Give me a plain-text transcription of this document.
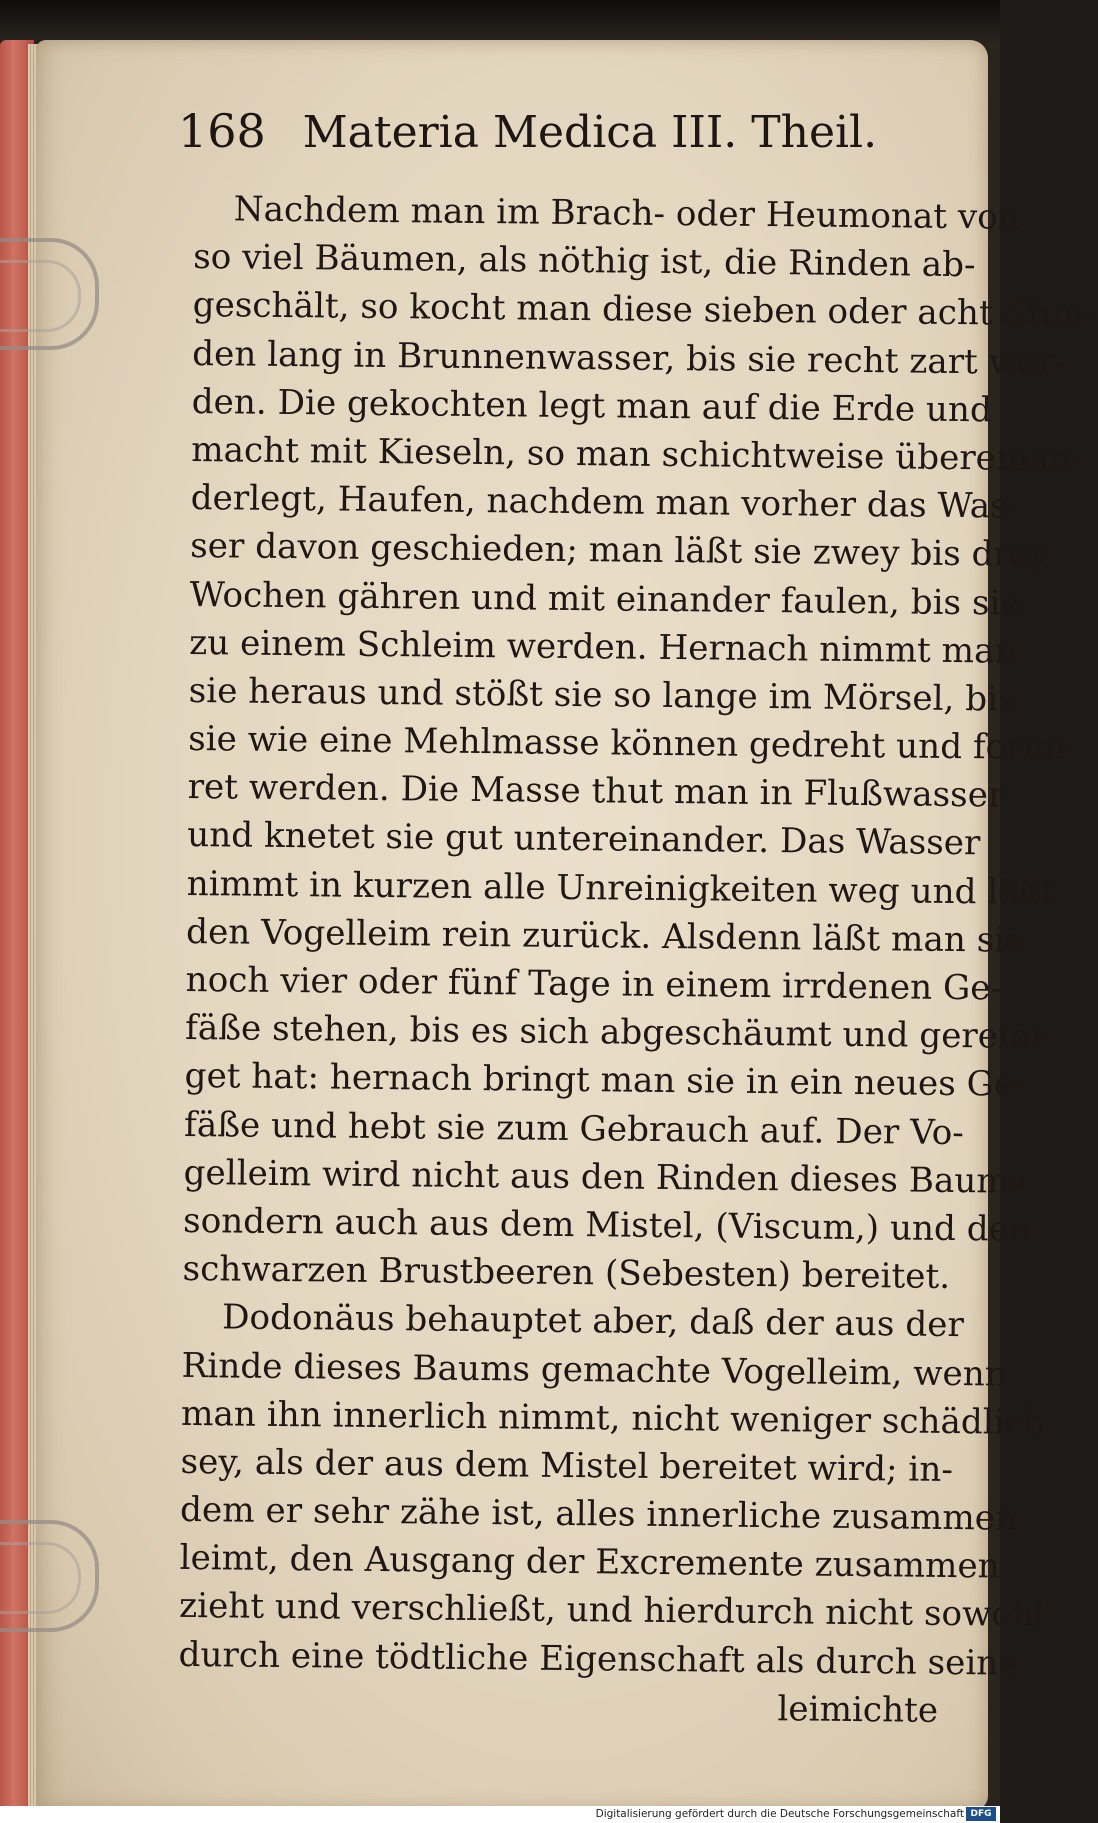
168 Materia Medica III. Theil.
Nachdem man im Brach- oder Heumonat von
so viel Bäumen, als nöthig ist, die Rinden ab-
geschält, so kocht man diese sieben oder acht Stun-
den lang in Brunnenwasser, bis sie recht zart wer-
den. Die gekochten legt man auf die Erde und
macht mit Kieseln, so man schichtweise übereinan-
derlegt, Haufen, nachdem man vorher das Was-
ser davon geschieden; man läßt sie zwey bis drey
Wochen gähren und mit einander faulen, bis sie
zu einem Schleim werden. Hernach nimmt man
sie heraus und stößt sie so lange im Mörsel, bis
sie wie eine Mehlmasse können gedreht und formi-
ret werden. Die Masse thut man in Flußwasser
und knetet sie gut untereinander. Das Wasser
nimmt in kurzen alle Unreinigkeiten weg und läßt
den Vogelleim rein zurück. Alsdenn läßt man sie
noch vier oder fünf Tage in einem irrdenen Ge-
fäße stehen, bis es sich abgeschäumt und gereini-
get hat: hernach bringt man sie in ein neues Ge-
fäße und hebt sie zum Gebrauch auf. Der Vo-
gelleim wird nicht aus den Rinden dieses Baums
sondern auch aus dem Mistel, (Viscum,) und den
schwarzen Brustbeeren (Sebesten) bereitet.
Dodonäus behauptet aber, daß der aus der
Rinde dieses Baums gemachte Vogelleim, wenn
man ihn innerlich nimmt, nicht weniger schädlich
sey, als der aus dem Mistel bereitet wird; in-
dem er sehr zähe ist, alles innerliche zusammen
leimt, den Ausgang der Excremente zusammen-
zieht und verschließt, und hierdurch nicht sowohl
durch eine tödtliche Eigenschaft als durch seine
leimichte
Digitalisierung gefördert durch die Deutsche Forschungsgemeinschaft DFG
